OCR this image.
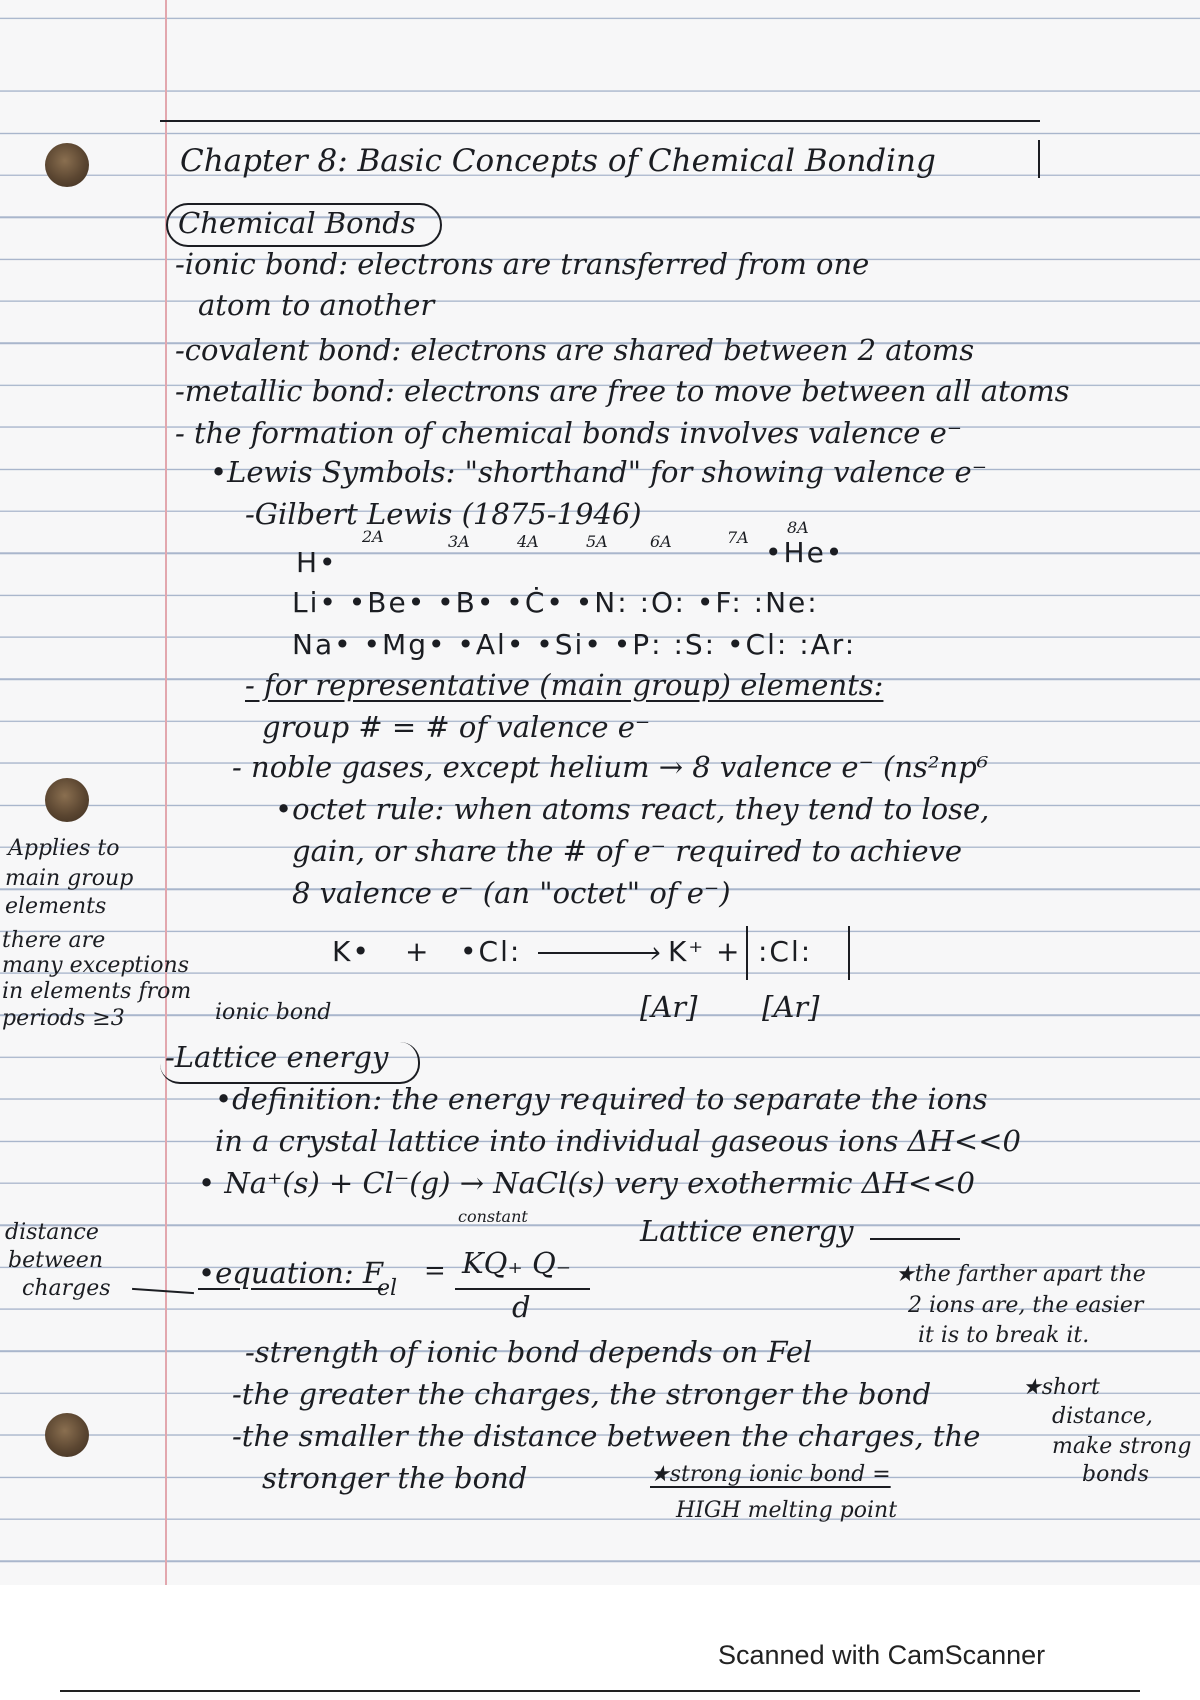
Chapter 8: Basic Concepts of Chemical Bonding
Chemical Bonds
-ionic bond: electrons are transferred from one
atom to another
-covalent bond: electrons are shared between 2 atoms
-metallic bond: electrons are free to move between all atoms
- the formation of chemical bonds involves valence e⁻
•Lewis Symbols: "shorthand" for showing valence e⁻
-Gilbert Lewis (1875-1946)
2A	3A	4A	5A	6A	7A
8A
H•	•He•
Li• •Be• •B• •Ċ• •N: :O: •F: :Ne:
Na• •Mg• •Al• •Si• •P: :S: •Cl: :Ar:
- for representative (main group) elements:
group # = # of valence e⁻
- noble gases, except helium → 8 valence e⁻ (ns²np⁶
•octet rule: when atoms react, they tend to lose,
gain, or share the # of e⁻ required to achieve
8 valence e⁻ (an "octet" of e⁻)
K• + •Cl:	› K⁺ + :Cl:
[Ar] [Ar]
ionic bond
-Lattice energy
•definition: the energy required to separate the ions
in a crystal lattice into individual gaseous ions ΔH<<0
• Na⁺(s) + Cl⁻(g) → NaCl(s) very exothermic ΔH<<0
constant	Lattice energy
•equation: F
el
= KQ₊ Q₋
d
-strength of ionic bond depends on Fel
-the greater the charges, the stronger the bond
-the smaller the distance between the charges, the
stronger the bond	★strong ionic bond =
HIGH melting point
★the farther apart the
2 ions are, the easier
it is to break it.
★short
distance,
make strong
bonds
Applies to
main group
elements
there are
many exceptions
in elements from
periods ≥3
distance
between
charges
Scanned with CamScanner
